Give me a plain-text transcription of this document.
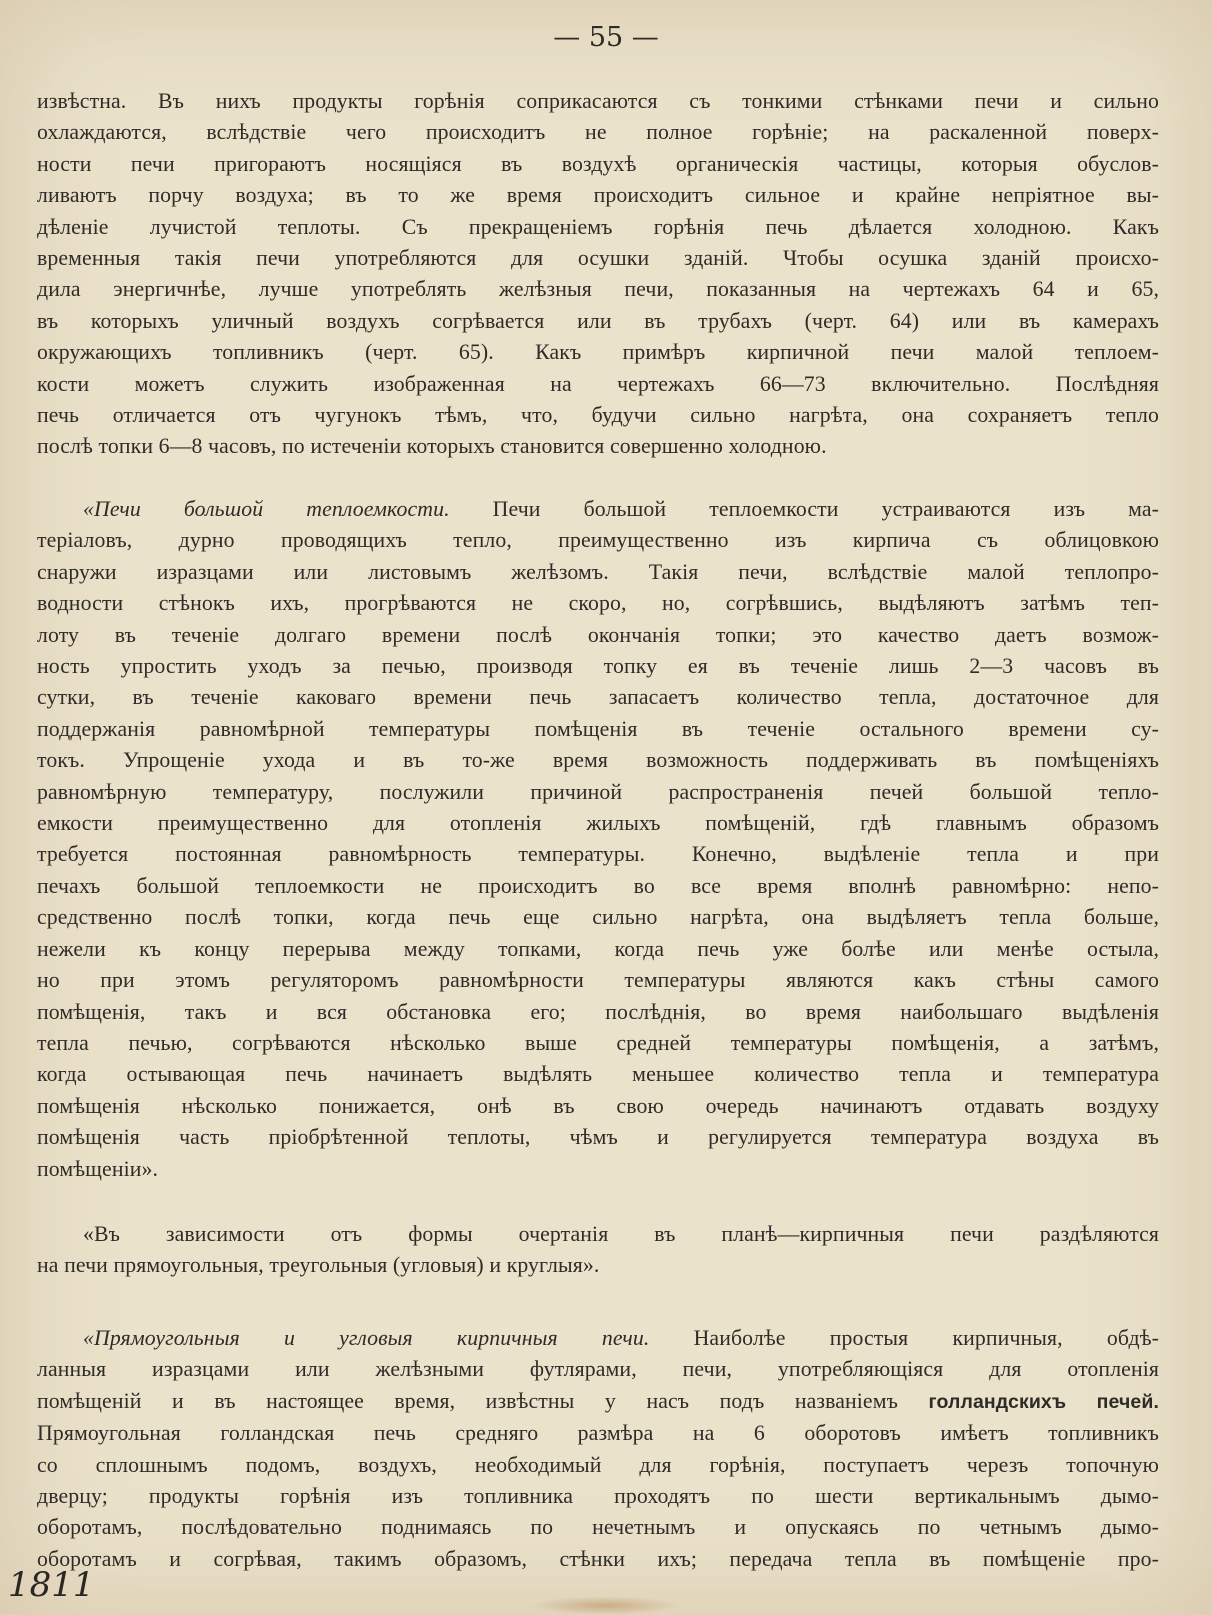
— 55 —

извѣстна. Въ нихъ продукты горѣнія соприкасаются съ тонкими стѣнками печи и сильно

охлаждаются, вслѣдствіе чего происходитъ не полное горѣніе; на раскаленной поверх-

ности печи пригораютъ носящіяся въ воздухѣ органическія частицы, которыя обуслов-

ливаютъ порчу воздуха; въ то же время происходитъ сильное и крайне непріятное вы-

дѣленіе лучистой теплоты. Съ прекращеніемъ горѣнія печь дѣлается холодною. Какъ

временныя такія печи употребляются для осушки зданій. Чтобы осушка зданій происхо-

дила энергичнѣе, лучше употреблять желѣзныя печи, показанныя на чертежахъ 64 и 65,

въ которыхъ уличный воздухъ согрѣвается или въ трубахъ (черт. 64) или въ камерахъ

окружающихъ топливникъ (черт. 65). Какъ примѣръ кирпичной печи малой теплоем-

кости можетъ служить изображенная на чертежахъ 66—73 включительно. Послѣдняя

печь отличается отъ чугунокъ тѣмъ, что, будучи сильно нагрѣта, она сохраняетъ тепло

послѣ топки 6—8 часовъ, по истеченіи которыхъ становится совершенно холодною.

«Печи большой теплоемкости. Печи большой теплоемкости устраиваются изъ ма-

теріаловъ, дурно проводящихъ тепло, преимущественно изъ кирпича съ облицовкою

снаружи изразцами или листовымъ желѣзомъ. Такія печи, вслѣдствіе малой теплопро-

водности стѣнокъ ихъ, прогрѣваются не скоро, но, согрѣвшись, выдѣляютъ затѣмъ теп-

лоту въ теченіе долгаго времени послѣ окончанія топки; это качество даетъ возмож-

ность упростить уходъ за печью, производя топку ея въ теченіе лишь 2—3 часовъ въ

сутки, въ теченіе каковаго времени печь запасаетъ количество тепла, достаточное для

поддержанія равномѣрной температуры помѣщенія въ теченіе остального времени су-

токъ. Упрощеніе ухода и въ то-же время возможность поддерживать въ помѣщеніяхъ

равномѣрную температуру, послужили причиной распространенія печей большой тепло-

емкости преимущественно для отопленія жилыхъ помѣщеній, гдѣ главнымъ образомъ

требуется постоянная равномѣрность температуры. Конечно, выдѣленіе тепла и при

печахъ большой теплоемкости не происходитъ во все время вполнѣ равномѣрно: непо-

средственно послѣ топки, когда печь еще сильно нагрѣта, она выдѣляетъ тепла больше,

нежели къ концу перерыва между топками, когда печь уже болѣе или менѣе остыла,

но при этомъ регуляторомъ равномѣрности температуры являются какъ стѣны самого

помѣщенія, такъ и вся обстановка его; послѣднія, во время наибольшаго выдѣленія

тепла печью, согрѣваются нѣсколько выше средней температуры помѣщенія, а затѣмъ,

когда остывающая печь начинаетъ выдѣлять меньшее количество тепла и температура

помѣщенія нѣсколько понижается, онѣ въ свою очередь начинаютъ отдавать воздуху

помѣщенія часть пріобрѣтенной теплоты, чѣмъ и регулируется температура воздуха въ

помѣщеніи».

«Въ зависимости отъ формы очертанія въ планѣ—кирпичныя печи раздѣляются

на печи прямоугольныя, треугольныя (угловыя) и круглыя».

«Прямоугольныя и угловыя кирпичныя печи. Наиболѣе простыя кирпичныя, обдѣ-

ланныя изразцами или желѣзными футлярами, печи, употребляющіяся для отопленія

помѣщеній и въ настоящее время, извѣстны у насъ подъ названіемъ голландскихъ печей.

Прямоугольная голландская печь средняго размѣра на 6 оборотовъ имѣетъ топливникъ

со сплошнымъ подомъ, воздухъ, необходимый для горѣнія, поступаетъ черезъ топочную

дверцу; продукты горѣнія изъ топливника проходятъ по шести вертикальнымъ дымо-

оборотамъ, послѣдовательно поднимаясь по нечетнымъ и опускаясь по четнымъ дымо-

оборотамъ и согрѣвая, такимъ образомъ, стѣнки ихъ; передача тепла въ помѣщеніе про-

1811
